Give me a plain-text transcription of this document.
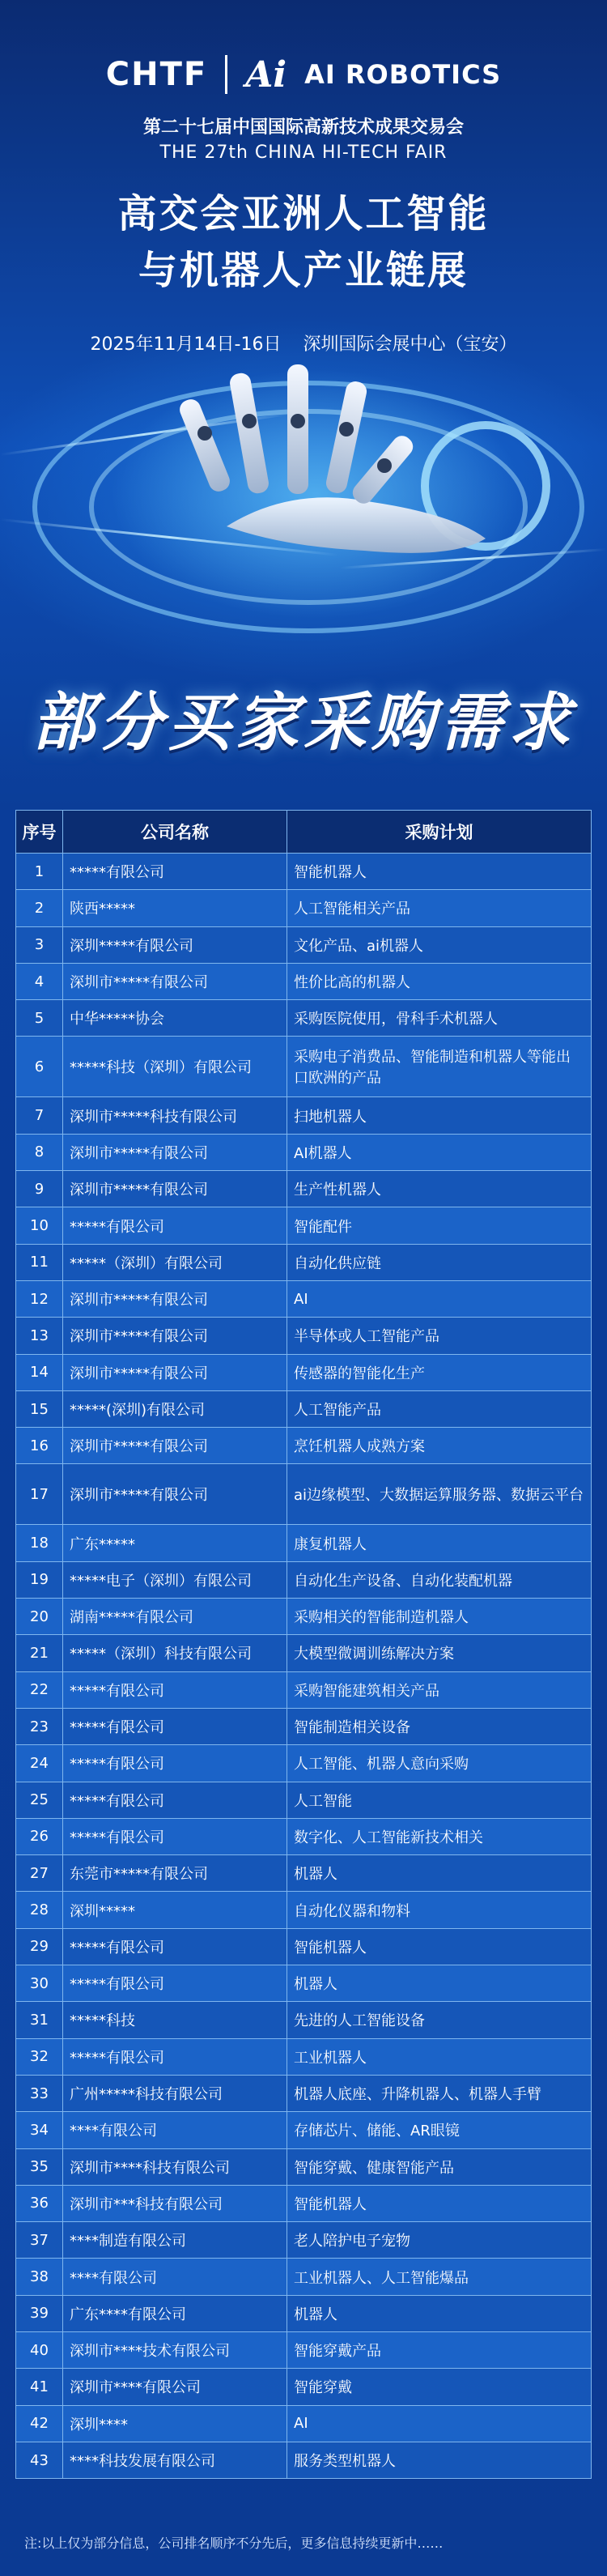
CHTF Ai AI ROBOTICS
第二十七届中国国际高新技术成果交易会
THE 27th CHINA HI-TECH FAIR
高交会亚洲人工智能
与机器人产业链展
2025年11月14日-16日 深圳国际会展中心（宝安）
部分买家采购需求
序号	公司名称	采购计划
1	*****有限公司	智能机器人
2	陕西*****	人工智能相关产品
3	深圳*****有限公司	文化产品、ai机器人
4	深圳市*****有限公司	性价比高的机器人
5	中华*****协会	采购医院使用，骨科手术机器人
6	*****科技（深圳）有限公司	采购电子消费品、智能制造和机器人等能出口欧洲的产品
7	深圳市*****科技有限公司	扫地机器人
8	深圳市*****有限公司	AI机器人
9	深圳市*****有限公司	生产性机器人
10	*****有限公司	智能配件
11	*****（深圳）有限公司	自动化供应链
12	深圳市*****有限公司	AI
13	深圳市*****有限公司	半导体或人工智能产品
14	深圳市*****有限公司	传感器的智能化生产
15	*****(深圳)有限公司	人工智能产品
16	深圳市*****有限公司	烹饪机器人成熟方案
17	深圳市*****有限公司	ai边缘模型、大数据运算服务器、数据云平台
18	广东*****	康复机器人
19	*****电子（深圳）有限公司	自动化生产设备、自动化装配机器
20	湖南*****有限公司	采购相关的智能制造机器人
21	*****（深圳）科技有限公司	大模型微调训练解决方案
22	*****有限公司	采购智能建筑相关产品
23	*****有限公司	智能制造相关设备
24	*****有限公司	人工智能、机器人意向采购
25	*****有限公司	人工智能
26	*****有限公司	数字化、人工智能新技术相关
27	东莞市*****有限公司	机器人
28	深圳*****	自动化仪器和物料
29	*****有限公司	智能机器人
30	*****有限公司	机器人
31	*****科技	先进的人工智能设备
32	*****有限公司	工业机器人
33	广州*****科技有限公司	机器人底座、升降机器人、机器人手臂
34	****有限公司	存储芯片、储能、AR眼镜
35	深圳市****科技有限公司	智能穿戴、健康智能产品
36	深圳市***科技有限公司	智能机器人
37	****制造有限公司	老人陪护电子宠物
38	****有限公司	工业机器人、人工智能爆品
39	广东****有限公司	机器人
40	深圳市****技术有限公司	智能穿戴产品
41	深圳市****有限公司	智能穿戴
42	深圳****	AI
43	****科技发展有限公司	服务类型机器人
注:以上仅为部分信息，公司排名顺序不分先后，更多信息持续更新中……
